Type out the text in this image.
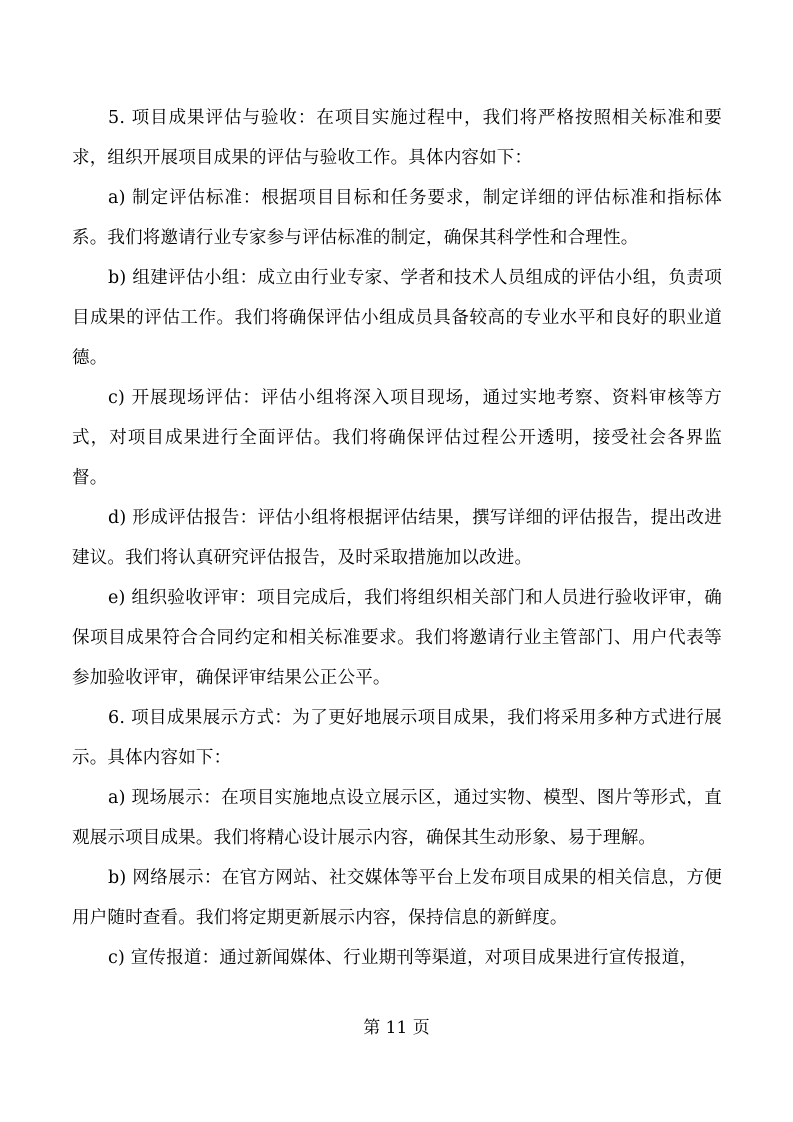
5. 项目成果评估与验收：在项目实施过程中，我们将严格按照相关标准和要求，组织开展项目成果的评估与验收工作。具体内容如下：

a) 制定评估标准：根据项目目标和任务要求，制定详细的评估标准和指标体系。我们将邀请行业专家参与评估标准的制定，确保其科学性和合理性。

b) 组建评估小组：成立由行业专家、学者和技术人员组成的评估小组，负责项目成果的评估工作。我们将确保评估小组成员具备较高的专业水平和良好的职业道德。

c) 开展现场评估：评估小组将深入项目现场，通过实地考察、资料审核等方式，对项目成果进行全面评估。我们将确保评估过程公开透明，接受社会各界监督。

d) 形成评估报告：评估小组将根据评估结果，撰写详细的评估报告，提出改进建议。我们将认真研究评估报告，及时采取措施加以改进。

e) 组织验收评审：项目完成后，我们将组织相关部门和人员进行验收评审，确保项目成果符合合同约定和相关标准要求。我们将邀请行业主管部门、用户代表等参加验收评审，确保评审结果公正公平。

6. 项目成果展示方式：为了更好地展示项目成果，我们将采用多种方式进行展示。具体内容如下：

a) 现场展示：在项目实施地点设立展示区，通过实物、模型、图片等形式，直观展示项目成果。我们将精心设计展示内容，确保其生动形象、易于理解。

b) 网络展示：在官方网站、社交媒体等平台上发布项目成果的相关信息，方便用户随时查看。我们将定期更新展示内容，保持信息的新鲜度。

c) 宣传报道：通过新闻媒体、行业期刊等渠道，对项目成果进行宣传报道，

第 11 页
